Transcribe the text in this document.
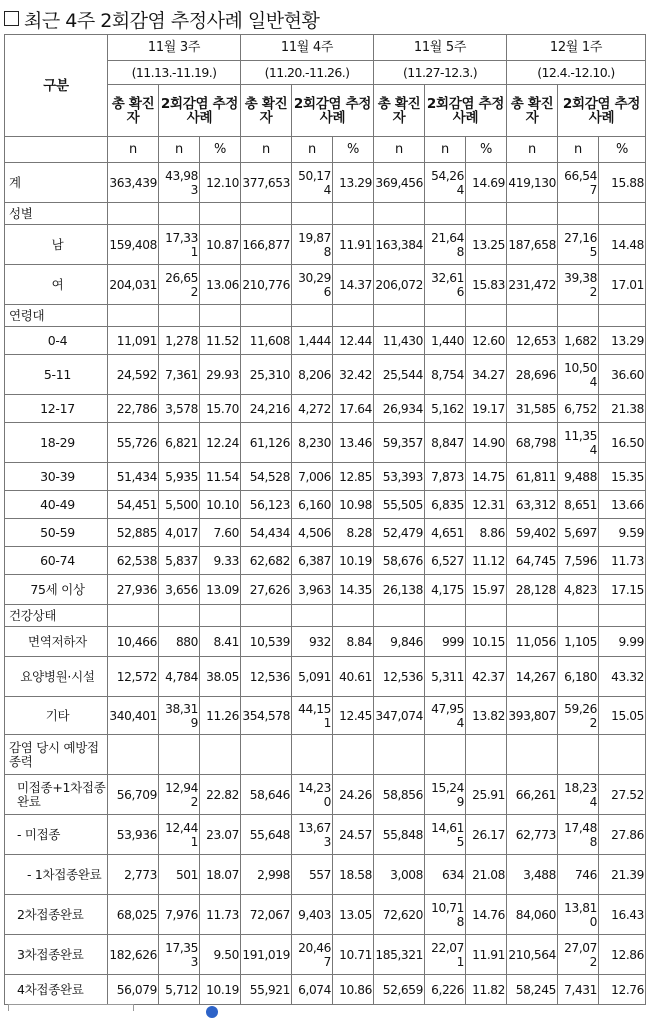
최근 4주 2회감염 추정사례 일반현황
구분	11월 3주			11월 4주			11월 5주			12월 1주		
	(11.13.-11.19.)			(11.20.-11.26.)			(11.27-12.3.)			(12.4.-12.10.)		
	총 확진자	2회감염 추정사례		총 확진자	2회감염 추정사례		총 확진자	2회감염 추정사례		총 확진자	2회감염 추정사례	
	n	n	%	n	n	%	n	n	%	n	n	%
계	363,439	43,983	12.10	377,653	50,174	13.29	369,456	54,264	14.69	419,130	66,547	15.88
성별												
남	159,408	17,331	10.87	166,877	19,878	11.91	163,384	21,648	13.25	187,658	27,165	14.48
여	204,031	26,652	13.06	210,776	30,296	14.37	206,072	32,616	15.83	231,472	39,382	17.01
연령대												
0-4	11,091	1,278	11.52	11,608	1,444	12.44	11,430	1,440	12.60	12,653	1,682	13.29
5-11	24,592	7,361	29.93	25,310	8,206	32.42	25,544	8,754	34.27	28,696	10,504	36.60
12-17	22,786	3,578	15.70	24,216	4,272	17.64	26,934	5,162	19.17	31,585	6,752	21.38
18-29	55,726	6,821	12.24	61,126	8,230	13.46	59,357	8,847	14.90	68,798	11,354	16.50
30-39	51,434	5,935	11.54	54,528	7,006	12.85	53,393	7,873	14.75	61,811	9,488	15.35
40-49	54,451	5,500	10.10	56,123	6,160	10.98	55,505	6,835	12.31	63,312	8,651	13.66
50-59	52,885	4,017	7.60	54,434	4,506	8.28	52,479	4,651	8.86	59,402	5,697	9.59
60-74	62,538	5,837	9.33	62,682	6,387	10.19	58,676	6,527	11.12	64,745	7,596	11.73
75세 이상	27,936	3,656	13.09	27,626	3,963	14.35	26,138	4,175	15.97	28,128	4,823	17.15
건강상태												
면역저하자	10,466	880	8.41	10,539	932	8.84	9,846	999	10.15	11,056	1,105	9.99
요양병원·시설	12,572	4,784	38.05	12,536	5,091	40.61	12,536	5,311	42.37	14,267	6,180	43.32
기타	340,401	38,319	11.26	354,578	44,151	12.45	347,074	47,954	13.82	393,807	59,262	15.05
감염 당시 예방접종력												
미접종+1차접종완료	56,709	12,942	22.82	58,646	14,230	24.26	58,856	15,249	25.91	66,261	18,234	27.52
- 미접종	53,936	12,441	23.07	55,648	13,673	24.57	55,848	14,615	26.17	62,773	17,488	27.86
- 1차접종완료	2,773	501	18.07	2,998	557	18.58	3,008	634	21.08	3,488	746	21.39
2차접종완료	68,025	7,976	11.73	72,067	9,403	13.05	72,620	10,718	14.76	84,060	13,810	16.43
3차접종완료	182,626	17,353	9.50	191,019	20,467	10.71	185,321	22,071	11.91	210,564	27,072	12.86
4차접종완료	56,079	5,712	10.19	55,921	6,074	10.86	52,659	6,226	11.82	58,245	7,431	12.76
